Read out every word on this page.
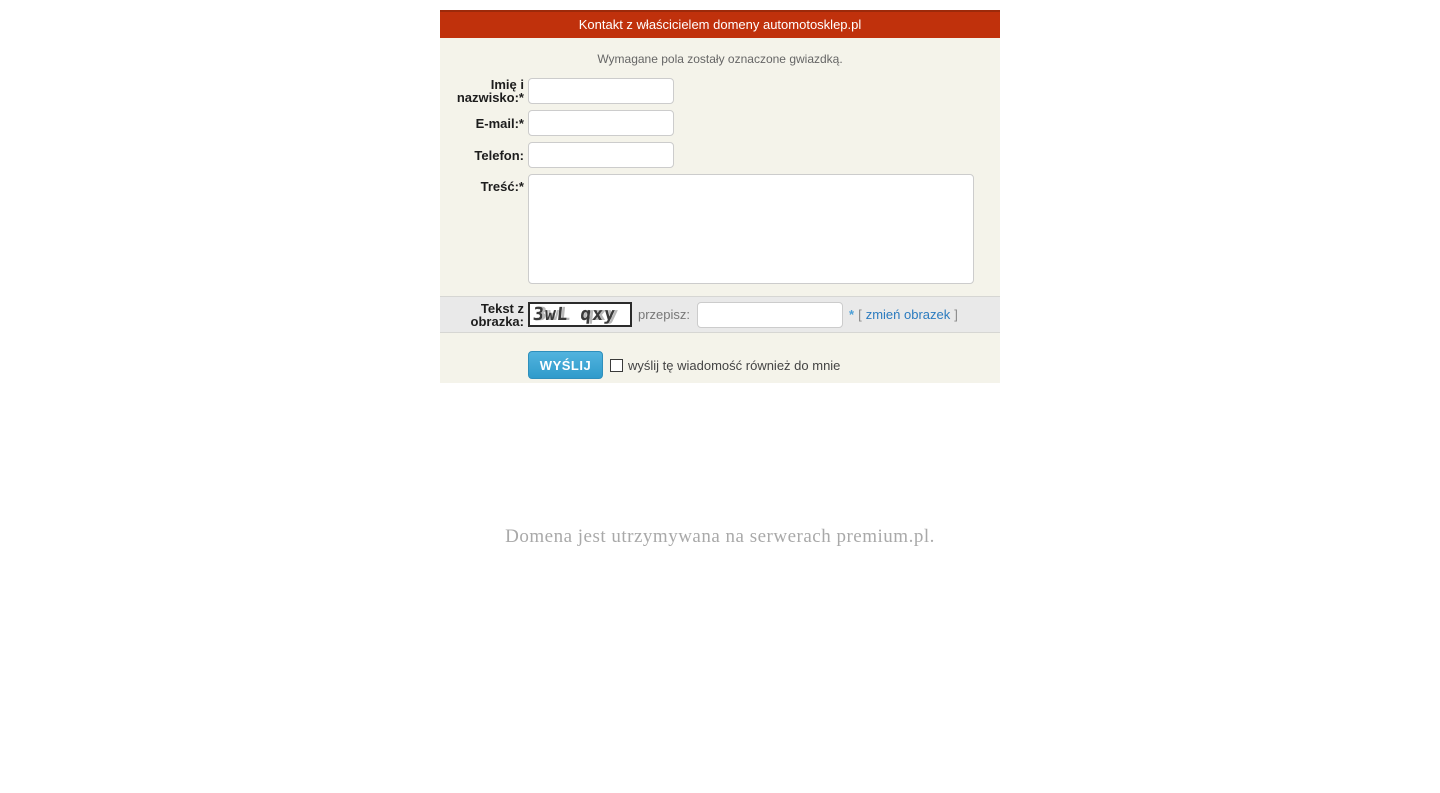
Kontakt z właścicielem domeny automotosklep.pl
Wymagane pola zostały oznaczone gwiazdką.
Imię i nazwisko:*
E-mail:*
Telefon:
Treść:*
Tekst z obrazka: 3wL qxy przepisz:	* [ zmień obrazek ]
WYŚLIJ	wyślij tę wiadomość również do mnie
Domena jest utrzymywana na serwerach premium.pl.
